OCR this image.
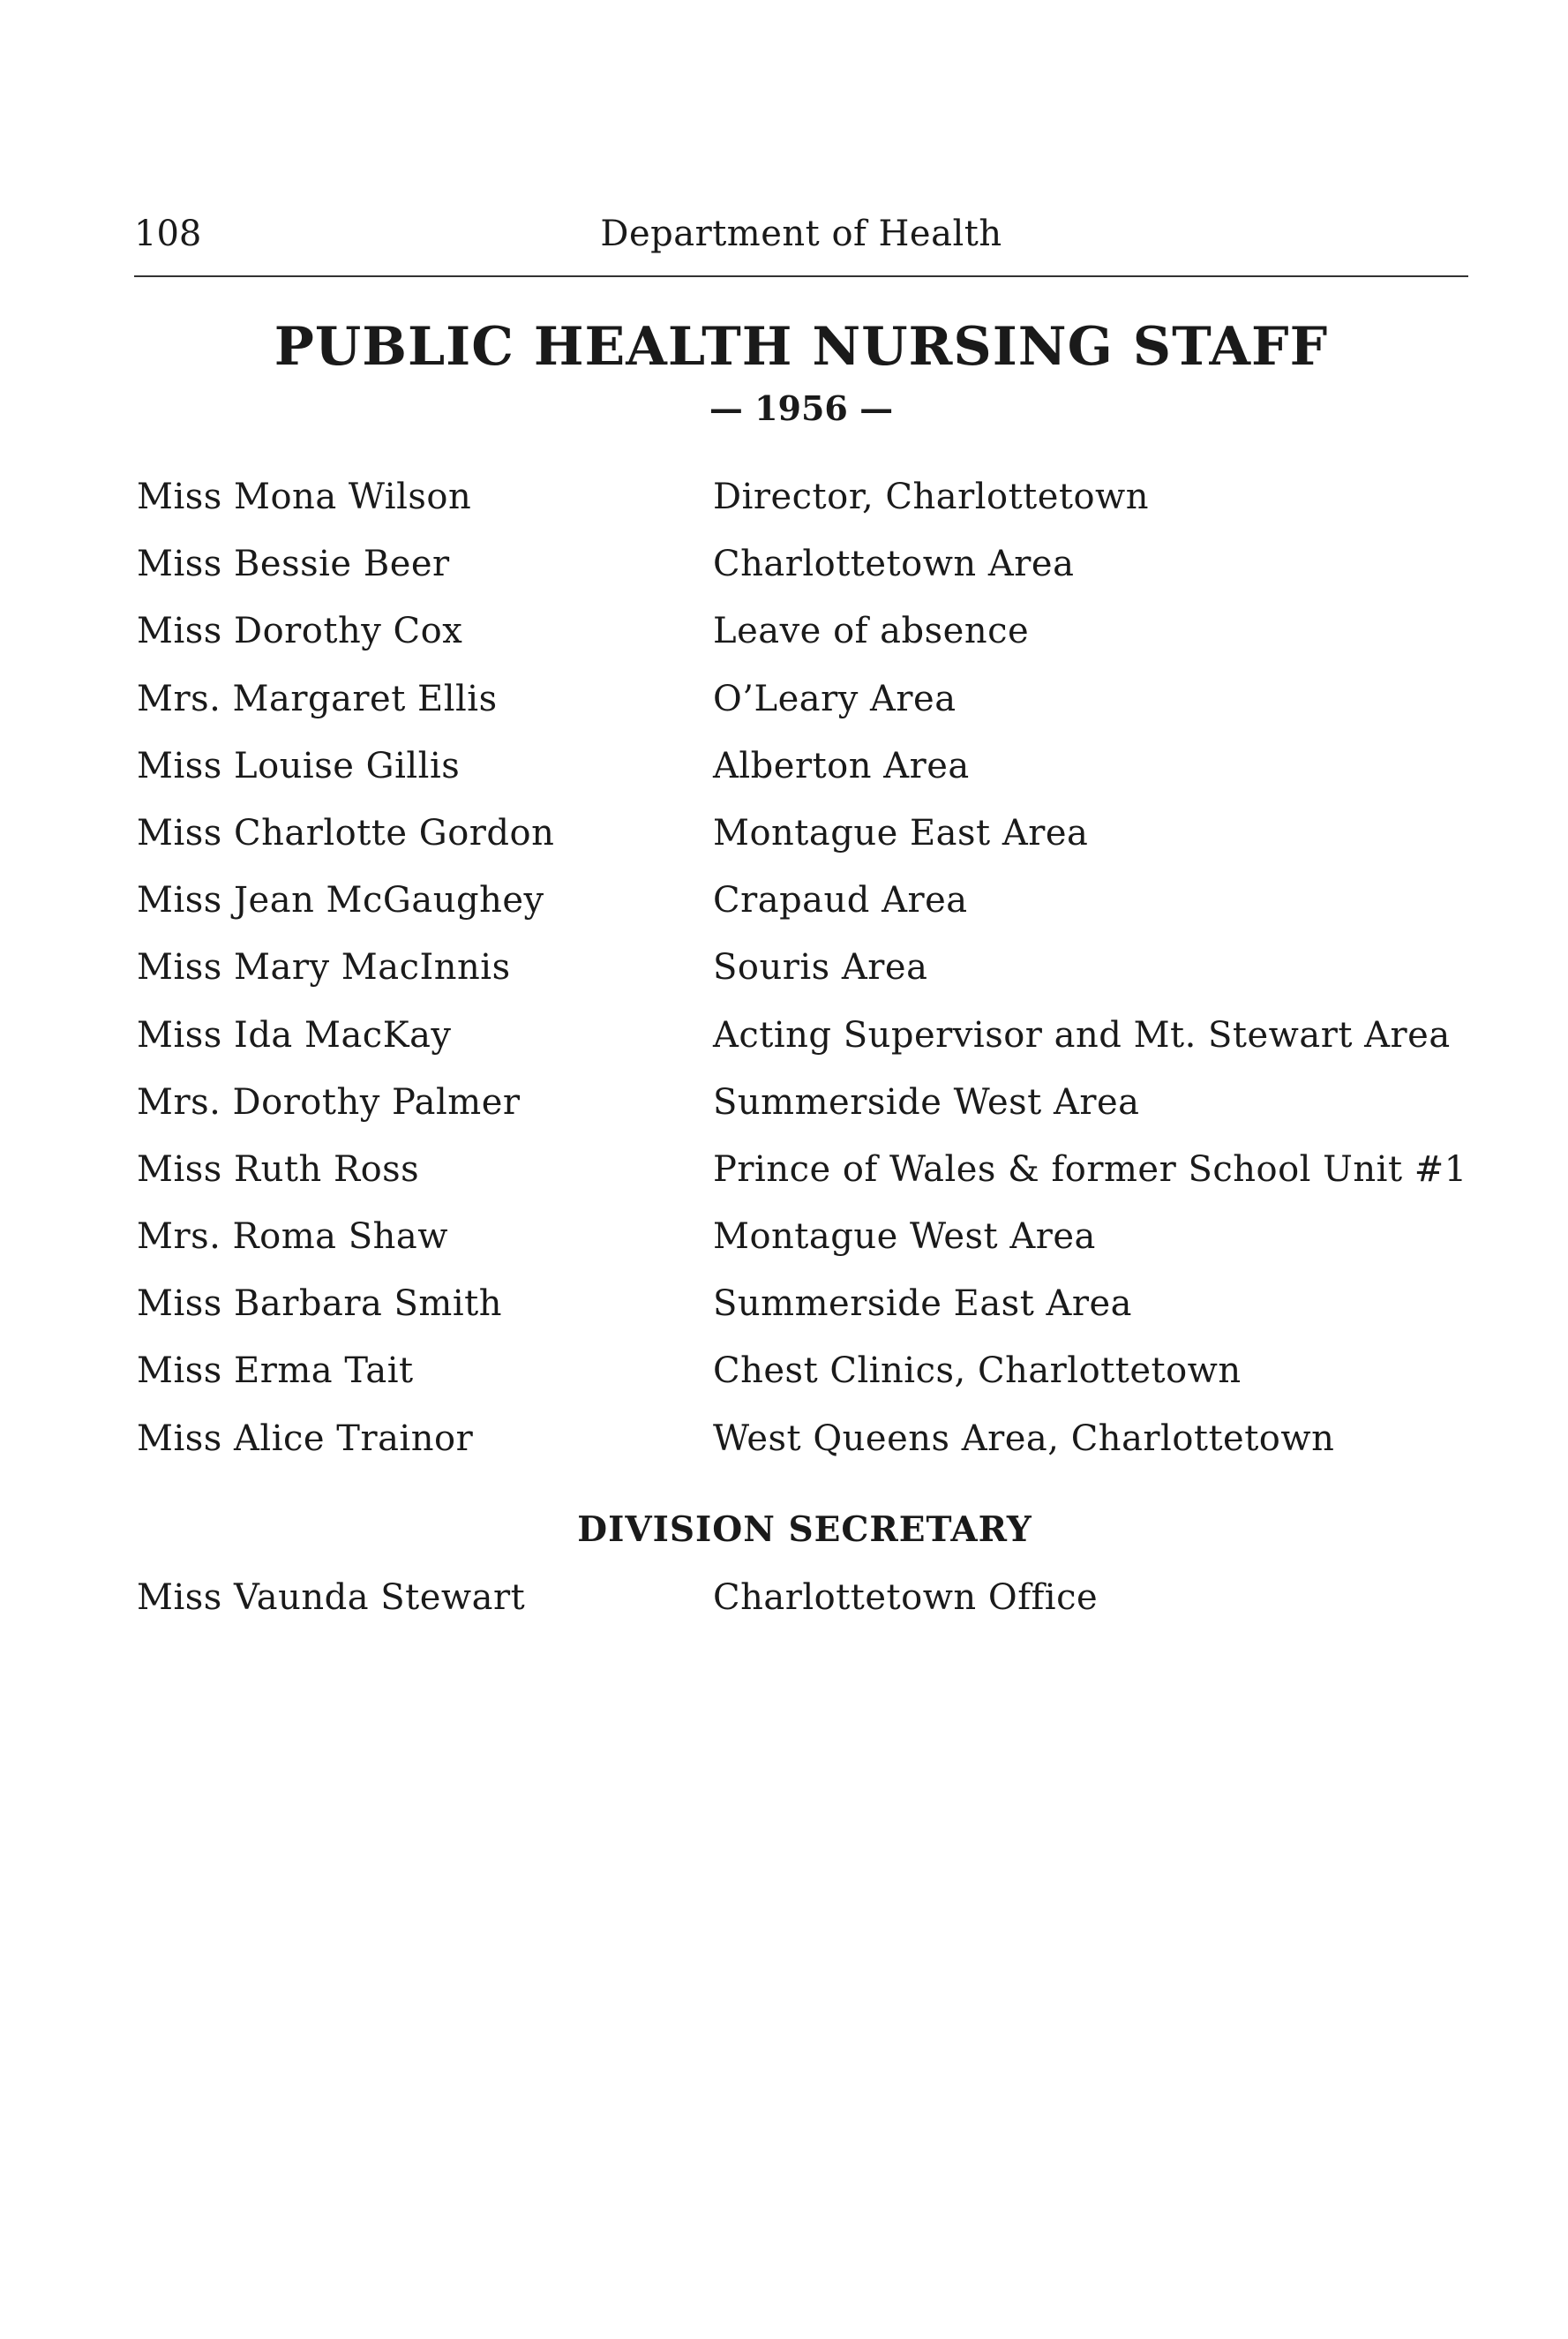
108	Department of Health
PUBLIC HEALTH NURSING STAFF
— 1956 —
Miss Mona Wilson	Director, Charlottetown
Miss Bessie Beer	Charlottetown Area
Miss Dorothy Cox	Leave of absence
Mrs. Margaret Ellis	O’Leary Area
Miss Louise Gillis	Alberton Area
Miss Charlotte Gordon	Montague East Area
Miss Jean McGaughey	Crapaud Area
Miss Mary MacInnis	Souris Area
Miss Ida MacKay	Acting Supervisor and Mt. Stewart Area
Mrs. Dorothy Palmer	Summerside West Area
Miss Ruth Ross	Prince of Wales & former School Unit #1
Mrs. Roma Shaw	Montague West Area
Miss Barbara Smith	Summerside East Area
Miss Erma Tait	Chest Clinics, Charlottetown
Miss Alice Trainor	West Queens Area, Charlottetown
DIVISION SECRETARY
Miss Vaunda Stewart	Charlottetown Office
